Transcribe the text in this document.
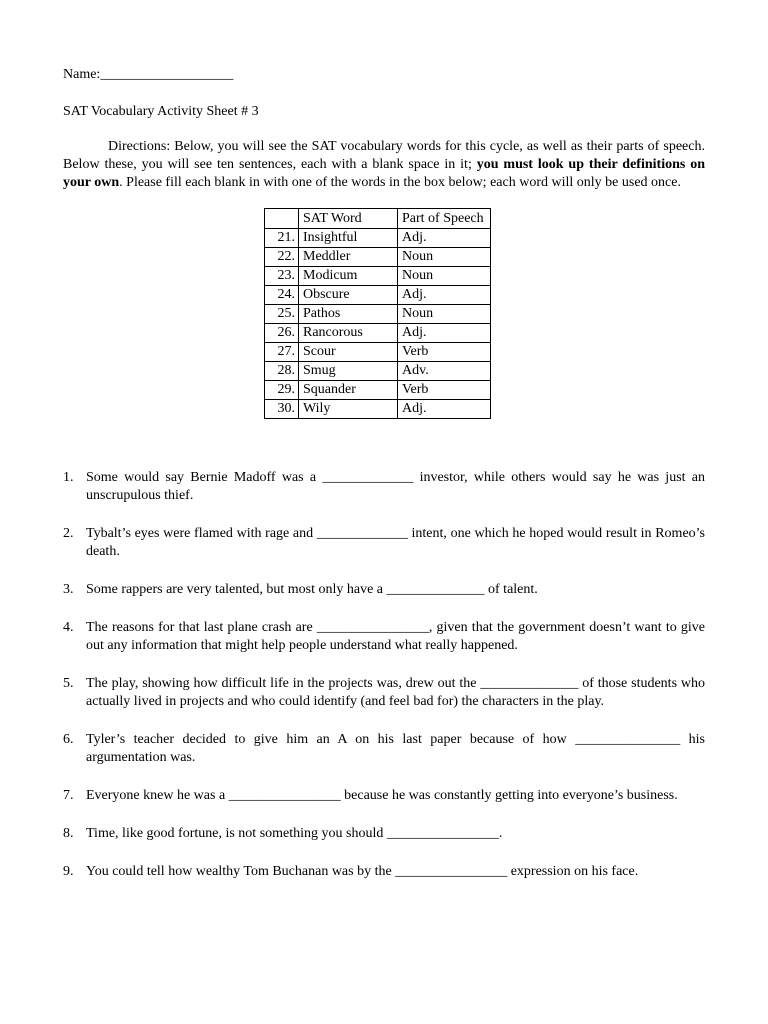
Name:___________________
SAT Vocabulary Activity Sheet # 3
Directions: Below, you will see the SAT vocabulary words for this cycle, as well as their parts of speech. Below these, you will see ten sentences, each with a blank space in it; you must look up their definitions on your own. Please fill each blank in with one of the words in the box below; each word will only be used once.
	SAT Word	Part of Speech
21.	Insightful	Adj.
22.	Meddler	Noun
23.	Modicum	Noun
24.	Obscure	Adj.
25.	Pathos	Noun
26.	Rancorous	Adj.
27.	Scour	Verb
28.	Smug	Adv.
29.	Squander	Verb
30.	Wily	Adj.
1. Some would say Bernie Madoff was a _____________ investor, while others would say he was just an unscrupulous thief.
2. Tybalt’s eyes were flamed with rage and _____________ intent, one which he hoped would result in Romeo’s death.
3. Some rappers are very talented, but most only have a ______________ of talent.
4. The reasons for that last plane crash are ________________, given that the government doesn’t want to give out any information that might help people understand what really happened.
5. The play, showing how difficult life in the projects was, drew out the ______________ of those students who actually lived in projects and who could identify (and feel bad for) the characters in the play.
6. Tyler’s teacher decided to give him an A on his last paper because of how _______________ his argumentation was.
7. Everyone knew he was a ________________ because he was constantly getting into everyone’s business.
8. Time, like good fortune, is not something you should ________________.
9. You could tell how wealthy Tom Buchanan was by the ________________ expression on his face.
